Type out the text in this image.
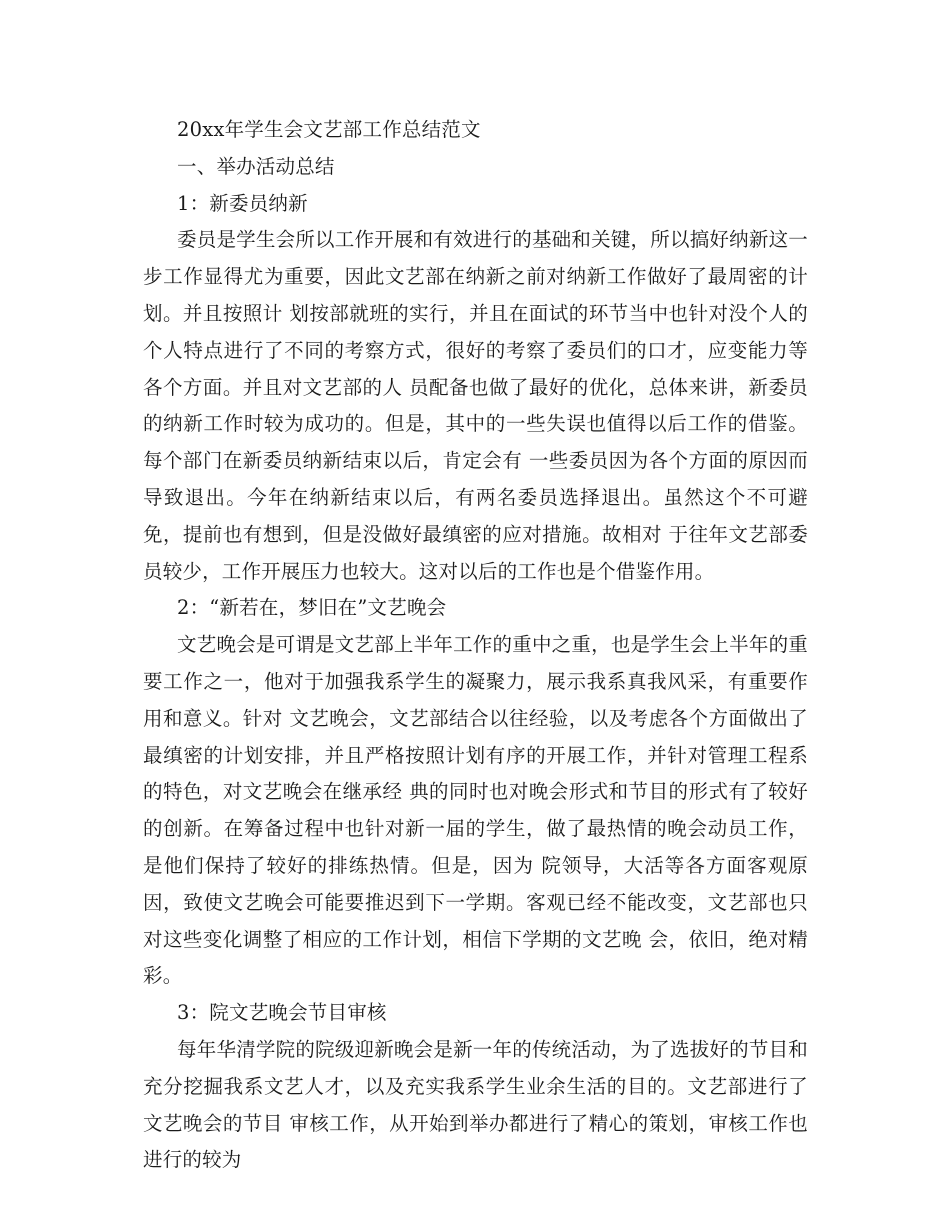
20xx年学生会文艺部工作总结范文
一、举办活动总结
1：新委员纳新
委员是学生会所以工作开展和有效进行的基础和关键，所以搞好纳新这一步工作显得尤为重要，因此文艺部在纳新之前对纳新工作做好了最周密的计划。并且按照计 划按部就班的实行，并且在面试的环节当中也针对没个人的个人特点进行了不同的考察方式，很好的考察了委员们的口才，应变能力等各个方面。并且对文艺部的人 员配备也做了最好的优化，总体来讲，新委员的纳新工作时较为成功的。但是，其中的一些失误也值得以后工作的借鉴。每个部门在新委员纳新结束以后，肯定会有 一些委员因为各个方面的原因而导致退出。今年在纳新结束以后，有两名委员选择退出。虽然这个不可避免，提前也有想到，但是没做好最缜密的应对措施。故相对 于往年文艺部委员较少，工作开展压力也较大。这对以后的工作也是个借鉴作用。
2：“新若在，梦旧在”文艺晚会
文艺晚会是可谓是文艺部上半年工作的重中之重，也是学生会上半年的重要工作之一，他对于加强我系学生的凝聚力，展示我系真我风采，有重要作用和意义。针对 文艺晚会，文艺部结合以往经验，以及考虑各个方面做出了最缜密的计划安排，并且严格按照计划有序的开展工作，并针对管理工程系的特色，对文艺晚会在继承经 典的同时也对晚会形式和节目的形式有了较好的创新。在筹备过程中也针对新一届的学生，做了最热情的晚会动员工作，是他们保持了较好的排练热情。但是，因为 院领导，大活等各方面客观原因，致使文艺晚会可能要推迟到下一学期。客观已经不能改变，文艺部也只对这些变化调整了相应的工作计划，相信下学期的文艺晚 会，依旧，绝对精彩。
3：院文艺晚会节目审核
每年华清学院的院级迎新晚会是新一年的传统活动，为了选拔好的节目和充分挖掘我系文艺人才，以及充实我系学生业余生活的目的。文艺部进行了文艺晚会的节目 审核工作，从开始到举办都进行了精心的策划，审核工作也进行的较为
